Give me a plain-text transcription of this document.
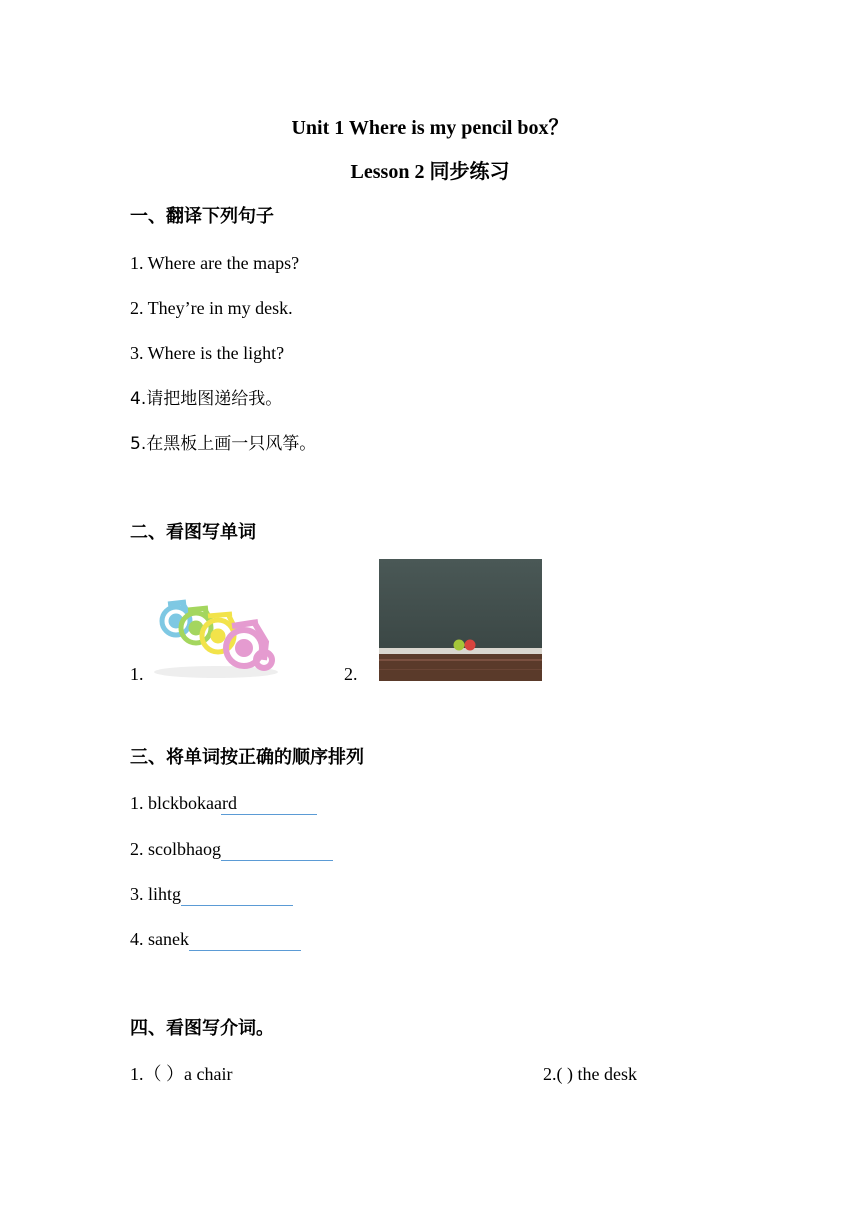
Unit 1 Where is my pencil box？
Lesson 2 同步练习
一、翻译下列句子
1. Where are the maps?
2. They’re in my desk.
3. Where is the light?
4.请把地图递给我。
5.在黑板上画一只风筝。
二、看图写单词
1.	2.
三、将单词按正确的顺序排列
1. blckbokaard
2. scolbhaog
3. lihtg
4. sanek
四、看图写介词。
1.（ ）a chair	2.( ) the desk
